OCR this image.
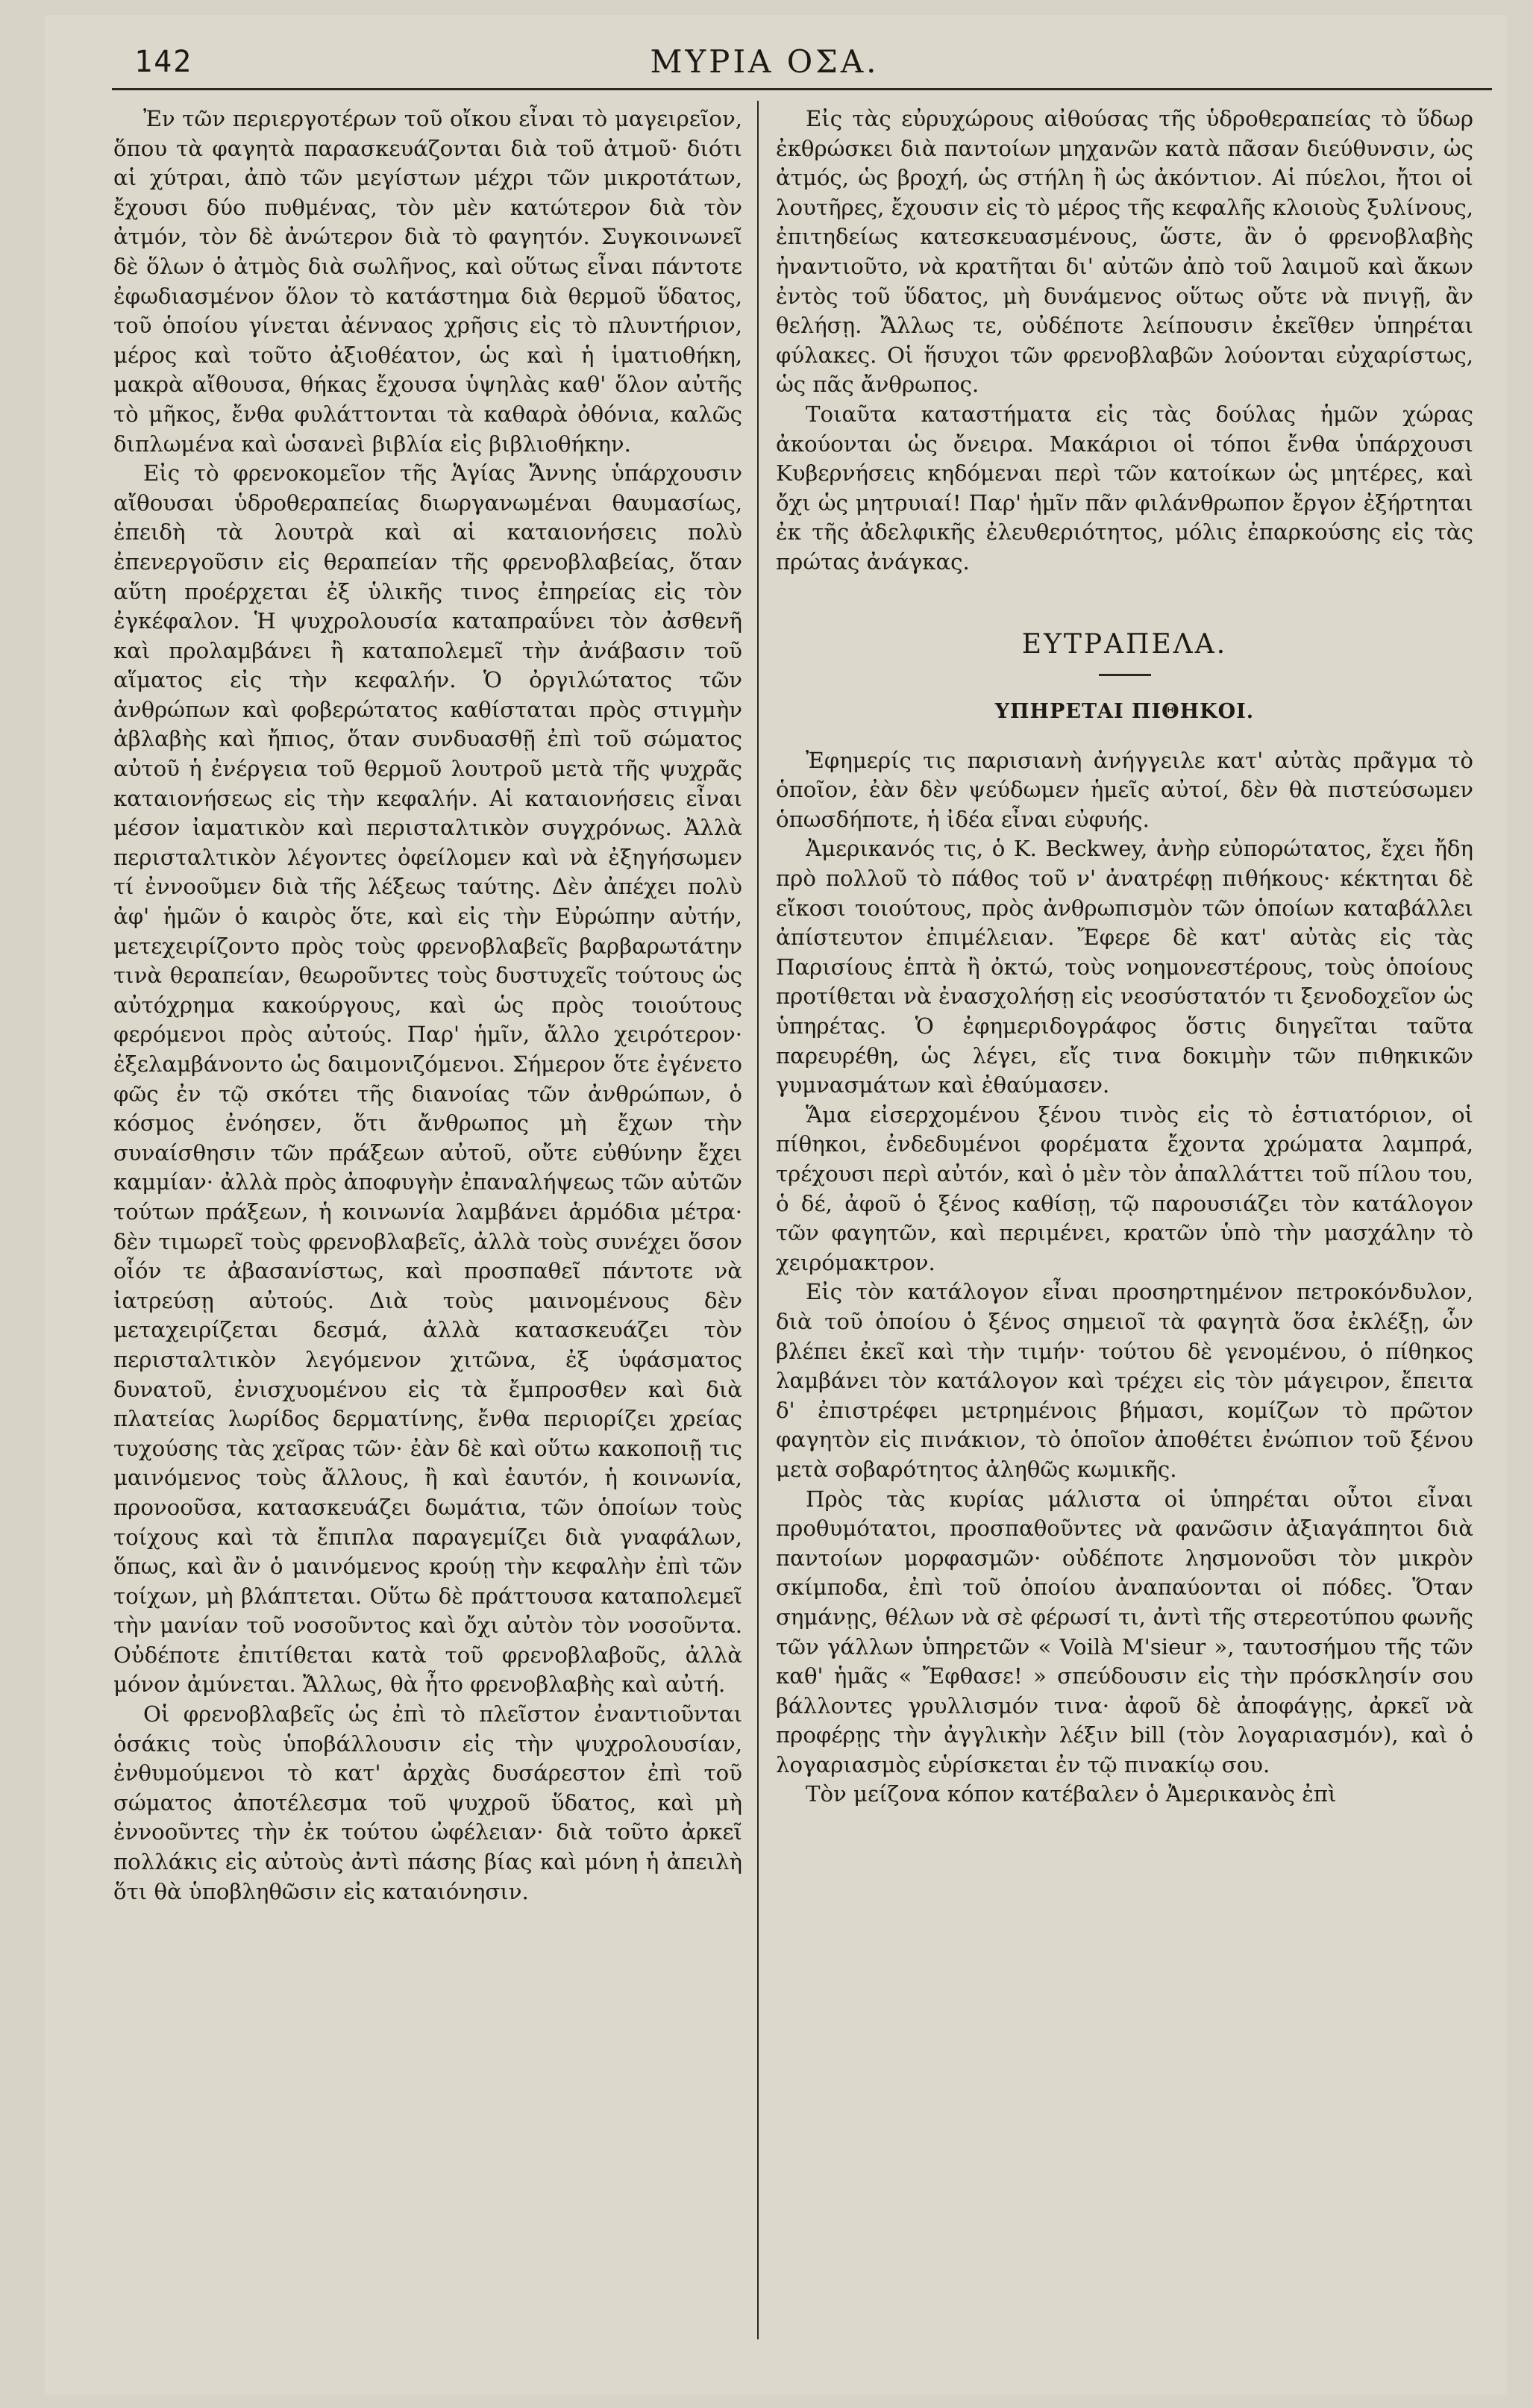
142	ΜΥΡΙΑ ΟΣΑ.

Ἐν τῶν περιεργοτέρων τοῦ οἴκου εἶναι τὸ μαγειρεῖον, ὅπου τὰ φαγητὰ παρασκευάζονται διὰ τοῦ ἀτμοῦ· διότι αἱ χύτραι, ἀπὸ τῶν μεγίστων μέχρι τῶν μικροτάτων, ἔχουσι δύο πυθμένας, τὸν μὲν κατώτερον διὰ τὸν ἀτμόν, τὸν δὲ ἀνώτερον διὰ τὸ φαγητόν. Συγκοινωνεῖ δὲ ὅλων ὁ ἀτμὸς διὰ σωλῆνος, καὶ οὕτως εἶναι πάντοτε ἐφωδιασμένον ὅλον τὸ κατάστημα διὰ θερμοῦ ὕδατος, τοῦ ὁποίου γίνεται ἀένναος χρῆσις εἰς τὸ πλυντήριον, μέρος καὶ τοῦτο ἀξιοθέατον, ὡς καὶ ἡ ἱματιοθήκη, μακρὰ αἴθουσα, θήκας ἔχουσα ὑψηλὰς καθ' ὅλον αὐτῆς τὸ μῆκος, ἔνθα φυλάττονται τὰ καθαρὰ ὀθόνια, καλῶς διπλωμένα καὶ ὡσανεὶ βιβλία εἰς βιβλιοθήκην.

Εἰς τὸ φρενοκομεῖον τῆς Ἁγίας Ἄννης ὑπάρχουσιν αἴθουσαι ὑδροθεραπείας διωργανωμέναι θαυμασίως, ἐπειδὴ τὰ λουτρὰ καὶ αἱ καταιονήσεις πολὺ ἐπενεργοῦσιν εἰς θεραπείαν τῆς φρενοβλαβείας, ὅταν αὕτη προέρχεται ἐξ ὑλικῆς τινος ἐπηρείας εἰς τὸν ἐγκέφαλον. Ἡ ψυχρολουσία καταπραΰνει τὸν ἀσθενῆ καὶ προλαμβάνει ἢ καταπολεμεῖ τὴν ἀνάβασιν τοῦ αἵματος εἰς τὴν κεφαλήν. Ὁ ὀργιλώτατος τῶν ἀνθρώπων καὶ φοβερώτατος καθίσταται πρὸς στιγμὴν ἀβλαβὴς καὶ ἤπιος, ὅταν συνδυασθῇ ἐπὶ τοῦ σώματος αὐτοῦ ἡ ἐνέργεια τοῦ θερμοῦ λουτροῦ μετὰ τῆς ψυχρᾶς καταιονήσεως εἰς τὴν κεφαλήν. Αἱ καταιονήσεις εἶναι μέσον ἰαματικὸν καὶ περισταλτικὸν συγχρόνως. Ἀλλὰ περισταλτικὸν λέγοντες ὀφείλομεν καὶ νὰ ἐξηγήσωμεν τί ἐννοοῦμεν διὰ τῆς λέξεως ταύτης. Δὲν ἀπέχει πολὺ ἀφ' ἡμῶν ὁ καιρὸς ὅτε, καὶ εἰς τὴν Εὐρώπην αὐτήν, μετεχειρίζοντο πρὸς τοὺς φρενοβλαβεῖς βαρβαρωτάτην τινὰ θεραπείαν, θεωροῦντες τοὺς δυστυχεῖς τούτους ὡς αὐτόχρημα κακούργους, καὶ ὡς πρὸς τοιούτους φερόμενοι πρὸς αὐτούς. Παρ' ἡμῖν, ἄλλο χειρότερον· ἐξελαμβάνοντο ὡς δαιμονιζόμενοι. Σήμερον ὅτε ἐγένετο φῶς ἐν τῷ σκότει τῆς διανοίας τῶν ἀνθρώπων, ὁ κόσμος ἐνόησεν, ὅτι ἄνθρωπος μὴ ἔχων τὴν συναίσθησιν τῶν πράξεων αὐτοῦ, οὔτε εὐθύνην ἔχει καμμίαν· ἀλλὰ πρὸς ἀποφυγὴν ἐπαναλήψεως τῶν αὐτῶν τούτων πράξεων, ἡ κοινωνία λαμβάνει ἁρμόδια μέτρα· δὲν τιμωρεῖ τοὺς φρενοβλαβεῖς, ἀλλὰ τοὺς συνέχει ὅσον οἷόν τε ἀβασανίστως, καὶ προσπαθεῖ πάντοτε νὰ ἰατρεύσῃ αὐτούς. Διὰ τοὺς μαινομένους δὲν μεταχειρίζεται δεσμά, ἀλλὰ κατασκευάζει τὸν περισταλτικὸν λεγόμενον χιτῶνα, ἐξ ὑφάσματος δυνατοῦ, ἐνισχυομένου εἰς τὰ ἔμπροσθεν καὶ διὰ πλατείας λωρίδος δερματίνης, ἔνθα περιορίζει χρείας τυχούσης τὰς χεῖρας τῶν· ἐὰν δὲ καὶ οὕτω κακοποιῇ τις μαινόμενος τοὺς ἄλλους, ἢ καὶ ἑαυτόν, ἡ κοινωνία, προνοοῦσα, κατασκευάζει δωμάτια, τῶν ὁποίων τοὺς τοίχους καὶ τὰ ἔπιπλα παραγεμίζει διὰ γναφάλων, ὅπως, καὶ ἂν ὁ μαινόμενος κρούῃ τὴν κεφαλὴν ἐπὶ τῶν τοίχων, μὴ βλάπτεται. Οὕτω δὲ πράττουσα καταπολεμεῖ τὴν μανίαν τοῦ νοσοῦντος καὶ ὄχι αὐτὸν τὸν νοσοῦντα. Οὐδέποτε ἐπιτίθεται κατὰ τοῦ φρενοβλαβοῦς, ἀλλὰ μόνον ἀμύνεται. Ἄλλως, θὰ ἦτο φρενοβλαβὴς καὶ αὐτή.

Οἱ φρενοβλαβεῖς ὡς ἐπὶ τὸ πλεῖστον ἐναντιοῦνται ὁσάκις τοὺς ὑποβάλλουσιν εἰς τὴν ψυχρολουσίαν, ἐνθυμούμενοι τὸ κατ' ἀρχὰς δυσάρεστον ἐπὶ τοῦ σώματος ἀποτέλεσμα τοῦ ψυχροῦ ὕδατος, καὶ μὴ ἐννοοῦντες τὴν ἐκ τούτου ὠφέλειαν· διὰ τοῦτο ἀρκεῖ πολλάκις εἰς αὐτοὺς ἀντὶ πάσης βίας καὶ μόνη ἡ ἀπειλὴ ὅτι θὰ ὑποβληθῶσιν εἰς καταιόνησιν.

Εἰς τὰς εὐρυχώρους αἰθούσας τῆς ὑδροθεραπείας τὸ ὕδωρ ἐκθρώσκει διὰ παντοίων μηχανῶν κατὰ πᾶσαν διεύθυνσιν, ὡς ἀτμός, ὡς βροχή, ὡς στήλη ἢ ὡς ἀκόντιον. Αἱ πύελοι, ἤτοι οἱ λουτῆρες, ἔχουσιν εἰς τὸ μέρος τῆς κεφαλῆς κλοιοὺς ξυλίνους, ἐπιτηδείως κατεσκευασμένους, ὥστε, ἂν ὁ φρενοβλαβὴς ἠναντιοῦτο, νὰ κρατῆται δι' αὐτῶν ἀπὸ τοῦ λαιμοῦ καὶ ἄκων ἐντὸς τοῦ ὕδατος, μὴ δυνάμενος οὕτως οὔτε νὰ πνιγῇ, ἂν θελήσῃ. Ἄλλως τε, οὐδέποτε λείπουσιν ἐκεῖθεν ὑπηρέται φύλακες. Οἱ ἥσυχοι τῶν φρενοβλαβῶν λούονται εὐχαρίστως, ὡς πᾶς ἄνθρωπος.

Τοιαῦτα καταστήματα εἰς τὰς δούλας ἡμῶν χώρας ἀκούονται ὡς ὄνειρα. Μακάριοι οἱ τόποι ἔνθα ὑπάρχουσι Κυβερνήσεις κηδόμεναι περὶ τῶν κατοίκων ὡς μητέρες, καὶ ὄχι ὡς μητρυιαί! Παρ' ἡμῖν πᾶν φιλάνθρωπον ἔργον ἐξήρτηται ἐκ τῆς ἀδελφικῆς ἐλευθεριότητος, μόλις ἐπαρκούσης εἰς τὰς πρώτας ἀνάγκας.

ΕΥΤΡΑΠΕΛΑ.
ΥΠΗΡΕΤΑΙ ΠΙΘΗΚΟΙ.

Ἐφημερίς τις παρισιανὴ ἀνήγγειλε κατ' αὐτὰς πρᾶγμα τὸ ὁποῖον, ἐὰν δὲν ψεύδωμεν ἡμεῖς αὐτοί, δὲν θὰ πιστεύσωμεν ὁπωσδήποτε, ἡ ἰδέα εἶναι εὐφυής.

Ἀμερικανός τις, ὁ Κ. Beckwey, ἀνὴρ εὐπορώτατος, ἔχει ἤδη πρὸ πολλοῦ τὸ πάθος τοῦ ν' ἀνατρέφῃ πιθήκους· κέκτηται δὲ εἴκοσι τοιούτους, πρὸς ἀνθρωπισμὸν τῶν ὁποίων καταβάλλει ἀπίστευτον ἐπιμέλειαν. Ἔφερε δὲ κατ' αὐτὰς εἰς τὰς Παρισίους ἑπτὰ ἢ ὀκτώ, τοὺς νοημονεστέρους, τοὺς ὁποίους προτίθεται νὰ ἐνασχολήσῃ εἰς νεοσύστατόν τι ξενοδοχεῖον ὡς ὑπηρέτας. Ὁ ἐφημεριδογράφος ὅστις διηγεῖται ταῦτα παρευρέθη, ὡς λέγει, εἴς τινα δοκιμὴν τῶν πιθηκικῶν γυμνασμάτων καὶ ἐθαύμασεν.

Ἅμα εἰσερχομένου ξένου τινὸς εἰς τὸ ἑστιατόριον, οἱ πίθηκοι, ἐνδεδυμένοι φορέματα ἔχοντα χρώματα λαμπρά, τρέχουσι περὶ αὐτόν, καὶ ὁ μὲν τὸν ἀπαλλάττει τοῦ πίλου του, ὁ δέ, ἀφοῦ ὁ ξένος καθίσῃ, τῷ παρουσιάζει τὸν κατάλογον τῶν φαγητῶν, καὶ περιμένει, κρατῶν ὑπὸ τὴν μασχάλην τὸ χειρόμακτρον.

Εἰς τὸν κατάλογον εἶναι προσηρτημένον πετροκόνδυλον, διὰ τοῦ ὁποίου ὁ ξένος σημειοῖ τὰ φαγητὰ ὅσα ἐκλέξῃ, ὧν βλέπει ἐκεῖ καὶ τὴν τιμήν· τούτου δὲ γενομένου, ὁ πίθηκος λαμβάνει τὸν κατάλογον καὶ τρέχει εἰς τὸν μάγειρον, ἔπειτα δ' ἐπιστρέφει μετρημένοις βήμασι, κομίζων τὸ πρῶτον φαγητὸν εἰς πινάκιον, τὸ ὁποῖον ἀποθέτει ἐνώπιον τοῦ ξένου μετὰ σοβαρότητος ἀληθῶς κωμικῆς.

Πρὸς τὰς κυρίας μάλιστα οἱ ὑπηρέται οὗτοι εἶναι προθυμότατοι, προσπαθοῦντες νὰ φανῶσιν ἀξιαγάπητοι διὰ παντοίων μορφασμῶν· οὐδέποτε λησμονοῦσι τὸν μικρὸν σκίμποδα, ἐπὶ τοῦ ὁποίου ἀναπαύονται οἱ πόδες. Ὅταν σημάνῃς, θέλων νὰ σὲ φέρωσί τι, ἀντὶ τῆς στερεοτύπου φωνῆς τῶν γάλλων ὑπηρετῶν « Voilà M'sieur », ταυτοσήμου τῆς τῶν καθ' ἡμᾶς « Ἔφθασε! » σπεύδουσιν εἰς τὴν πρόσκλησίν σου βάλλοντες γρυλλισμόν τινα· ἀφοῦ δὲ ἀποφάγῃς, ἀρκεῖ νὰ προφέρῃς τὴν ἀγγλικὴν λέξιν bill (τὸν λογαριασμόν), καὶ ὁ λογαριασμὸς εὑρίσκεται ἐν τῷ πινακίῳ σου.

Τὸν μείζονα κόπον κατέβαλεν ὁ Ἀμερικανὸς ἐπὶ
